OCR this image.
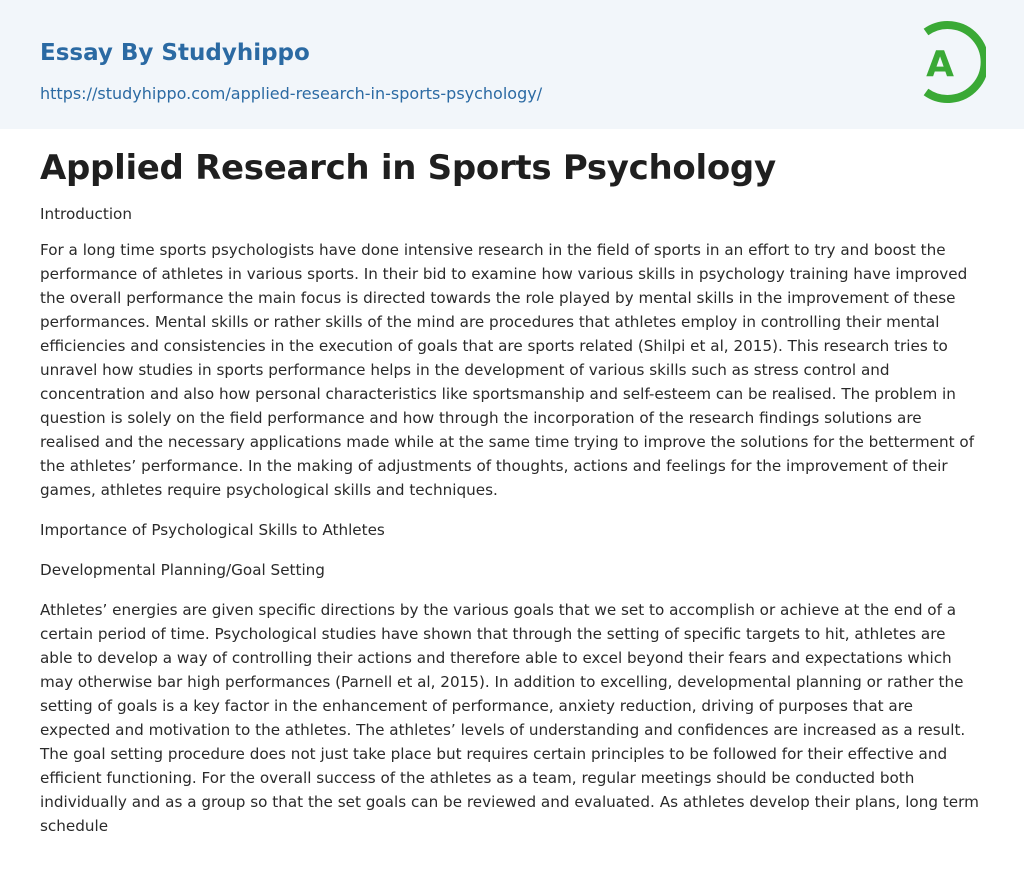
Essay By Studyhippo
https://studyhippo.com/applied-research-in-sports-psychology/
A
Applied Research in Sports Psychology

Introduction

For a long time sports psychologists have done intensive research in the field of sports in an effort to try and boost the performance of athletes in various sports. In their bid to examine how various skills in psychology training have improved the overall performance the main focus is directed towards the role played by mental skills in the improvement of these performances. Mental skills or rather skills of the mind are procedures that athletes employ in controlling their mental efficiencies and consistencies in the execution of goals that are sports related (Shilpi et al, 2015). This research tries to unravel how studies in sports performance helps in the development of various skills such as stress control and concentration and also how personal characteristics like sportsmanship and self-esteem can be realised. The problem in question is solely on the field performance and how through the incorporation of the research findings solutions are realised and the necessary applications made while at the same time trying to improve the solutions for the betterment of the athletes’ performance. In the making of adjustments of thoughts, actions and feelings for the improvement of their games, athletes require psychological skills and techniques.

Importance of Psychological Skills to Athletes

Developmental Planning/Goal Setting

Athletes’ energies are given specific directions by the various goals that we set to accomplish or achieve at the end of a certain period of time. Psychological studies have shown that through the setting of specific targets to hit, athletes are able to develop a way of controlling their actions and therefore able to excel beyond their fears and expectations which may otherwise bar high performances (Parnell et al, 2015). In addition to excelling, developmental planning or rather the setting of goals is a key factor in the enhancement of performance, anxiety reduction, driving of purposes that are expected and motivation to the athletes. The athletes’ levels of understanding and confidences are increased as a result. The goal setting procedure does not just take place but requires certain principles to be followed for their effective and efficient functioning. For the overall success of the athletes as a team, regular meetings should be conducted both individually and as a group so that the set goals can be reviewed and evaluated. As athletes develop their plans, long term schedule
